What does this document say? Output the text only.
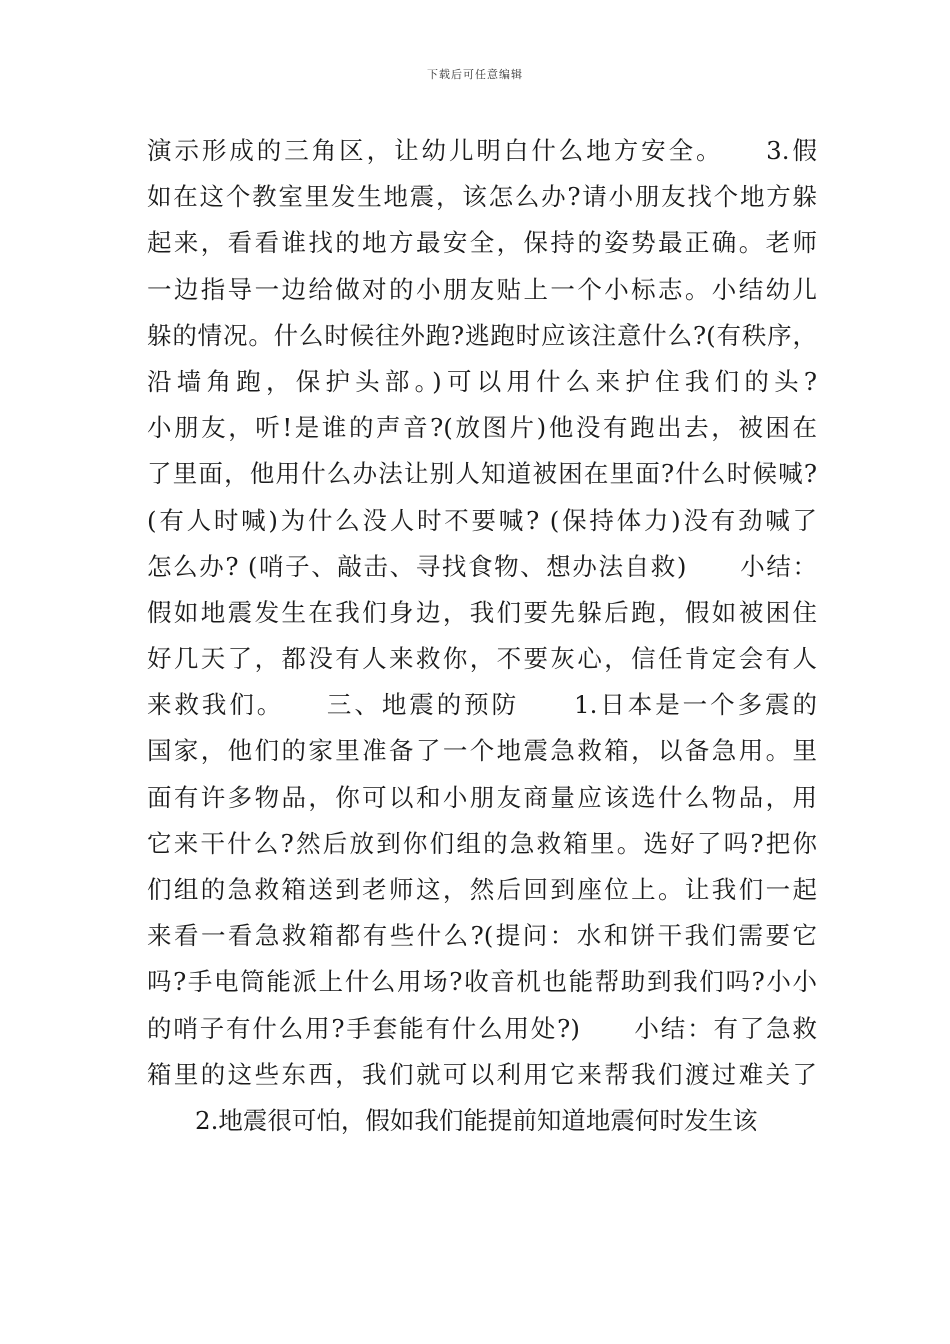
下载后可任意编辑
演示形成的三角区，让幼儿明白什么地方安全。　　3.假
如在这个教室里发生地震，该怎么办?请小朋友找个地方躲
起来，看看谁找的地方最安全，保持的姿势最正确。老师
一边指导一边给做对的小朋友贴上一个小标志。小结幼儿
躲的情况。什么时候往外跑?逃跑时应该注意什么?(有秩序，
沿墙角跑，保护头部。)可以用什么来护住我们的头?
小朋友，听!是谁的声音?(放图片)他没有跑出去，被困在
了里面，他用什么办法让别人知道被困在里面?什么时候喊?
(有人时喊)为什么没人时不要喊? (保持体力)没有劲喊了
怎么办? (哨子、敲击、寻找食物、想办法自救)　　小结：
假如地震发生在我们身边，我们要先躲后跑，假如被困住
好几天了，都没有人来救你，不要灰心，信任肯定会有人
来救我们。　　三、地震的预防　　1.日本是一个多震的
国家，他们的家里准备了一个地震急救箱，以备急用。里
面有许多物品，你可以和小朋友商量应该选什么物品，用
它来干什么?然后放到你们组的急救箱里。选好了吗?把你
们组的急救箱送到老师这，然后回到座位上。让我们一起
来看一看急救箱都有些什么?(提问：水和饼干我们需要它
吗?手电筒能派上什么用场?收音机也能帮助到我们吗?小小
的哨子有什么用?手套能有什么用处?)　　小结：有了急救
箱里的这些东西，我们就可以利用它来帮我们渡过难关了
2.地震很可怕，假如我们能提前知道地震何时发生该
